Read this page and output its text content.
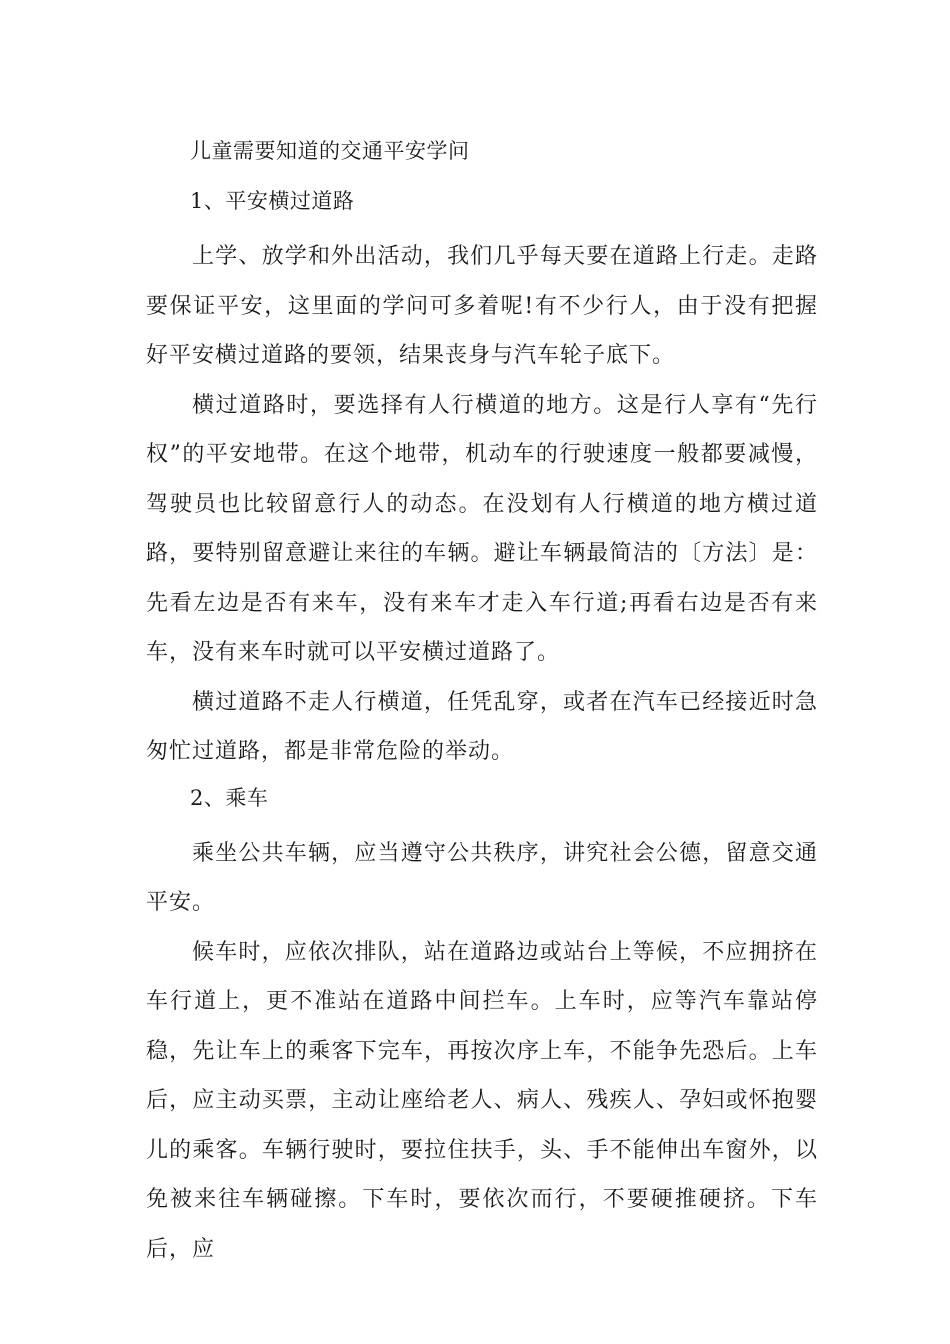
儿童需要知道的交通平安学问
1、平安横过道路

上学、放学和外出活动，我们几乎每天要在道路上行走。走路要保证平安，这里面的学问可多着呢!有不少行人，由于没有把握好平安横过道路的要领，结果丧身与汽车轮子底下。

横过道路时，要选择有人行横道的地方。这是行人享有“先行权”的平安地带。在这个地带，机动车的行驶速度一般都要减慢，驾驶员也比较留意行人的动态。在没划有人行横道的地方横过道路，要特别留意避让来往的车辆。避让车辆最简洁的〔方法〕是：先看左边是否有来车，没有来车才走入车行道;再看右边是否有来车，没有来车时就可以平安横过道路了。

横过道路不走人行横道，任凭乱穿，或者在汽车已经接近时急匆忙过道路，都是非常危险的举动。

2、乘车

乘坐公共车辆，应当遵守公共秩序，讲究社会公德，留意交通平安。

候车时，应依次排队，站在道路边或站台上等候，不应拥挤在车行道上，更不准站在道路中间拦车。上车时，应等汽车靠站停稳，先让车上的乘客下完车，再按次序上车，不能争先恐后。上车后，应主动买票，主动让座给老人、病人、残疾人、孕妇或怀抱婴儿的乘客。车辆行驶时，要拉住扶手，头、手不能伸出车窗外，以免被来往车辆碰擦。下车时，要依次而行，不要硬推硬挤。下车后，应
